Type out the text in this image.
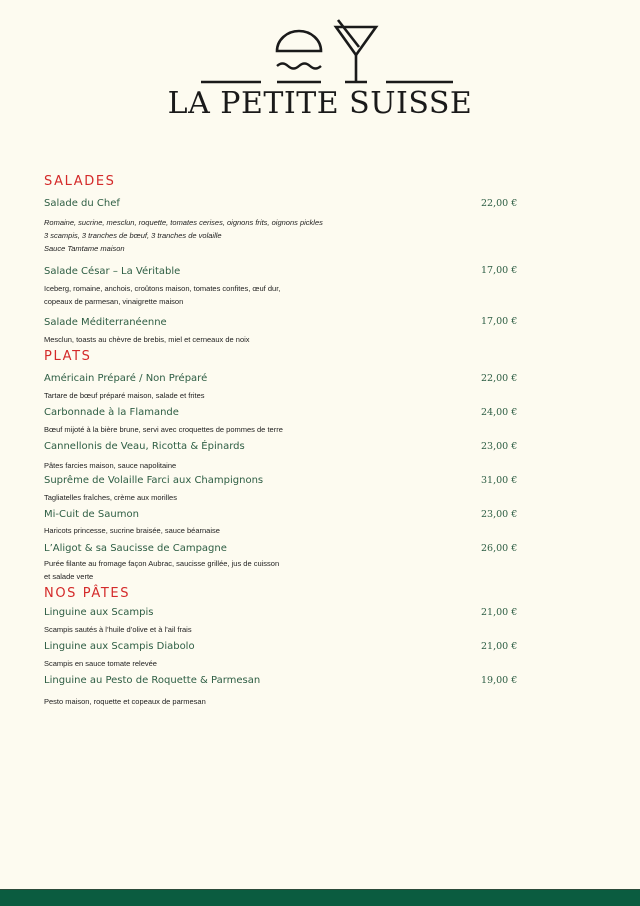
LA PETITE SUISSE
SALADES
Salade du Chef	22,00 €
Romaine, sucrine, mesclun, roquette, tomates cerises, oignons frits, oignons pickles
3 scampis, 3 tranches de bœuf, 3 tranches de volaille
Sauce Tamtame maison
Salade César – La Véritable	17,00 €
Iceberg, romaine, anchois, croûtons maison, tomates confites, œuf dur,
copeaux de parmesan, vinaigrette maison
Salade Méditerranéenne	17,00 €
Mesclun, toasts au chèvre de brebis, miel et cerneaux de noix
PLATS
Américain Préparé / Non Préparé	22,00 €
Tartare de bœuf préparé maison, salade et frites
Carbonnade à la Flamande	24,00 €
Bœuf mijoté à la bière brune, servi avec croquettes de pommes de terre
Cannellonis de Veau, Ricotta & Épinards	23,00 €
Pâtes farcies maison, sauce napolitaine
Suprême de Volaille Farci aux Champignons	31,00 €
Tagliatelles fraîches, crème aux morilles
Mi-Cuit de Saumon	23,00 €
Haricots princesse, sucrine braisée, sauce béarnaise
L’Aligot & sa Saucisse de Campagne	26,00 €
Purée filante au fromage façon Aubrac, saucisse grillée, jus de cuisson
et salade verte
NOS PÂTES
Linguine aux Scampis	21,00 €
Scampis sautés à l’huile d’olive et à l’ail frais
Linguine aux Scampis Diabolo	21,00 €
Scampis en sauce tomate relevée
Linguine au Pesto de Roquette & Parmesan	19,00 €
Pesto maison, roquette et copeaux de parmesan
